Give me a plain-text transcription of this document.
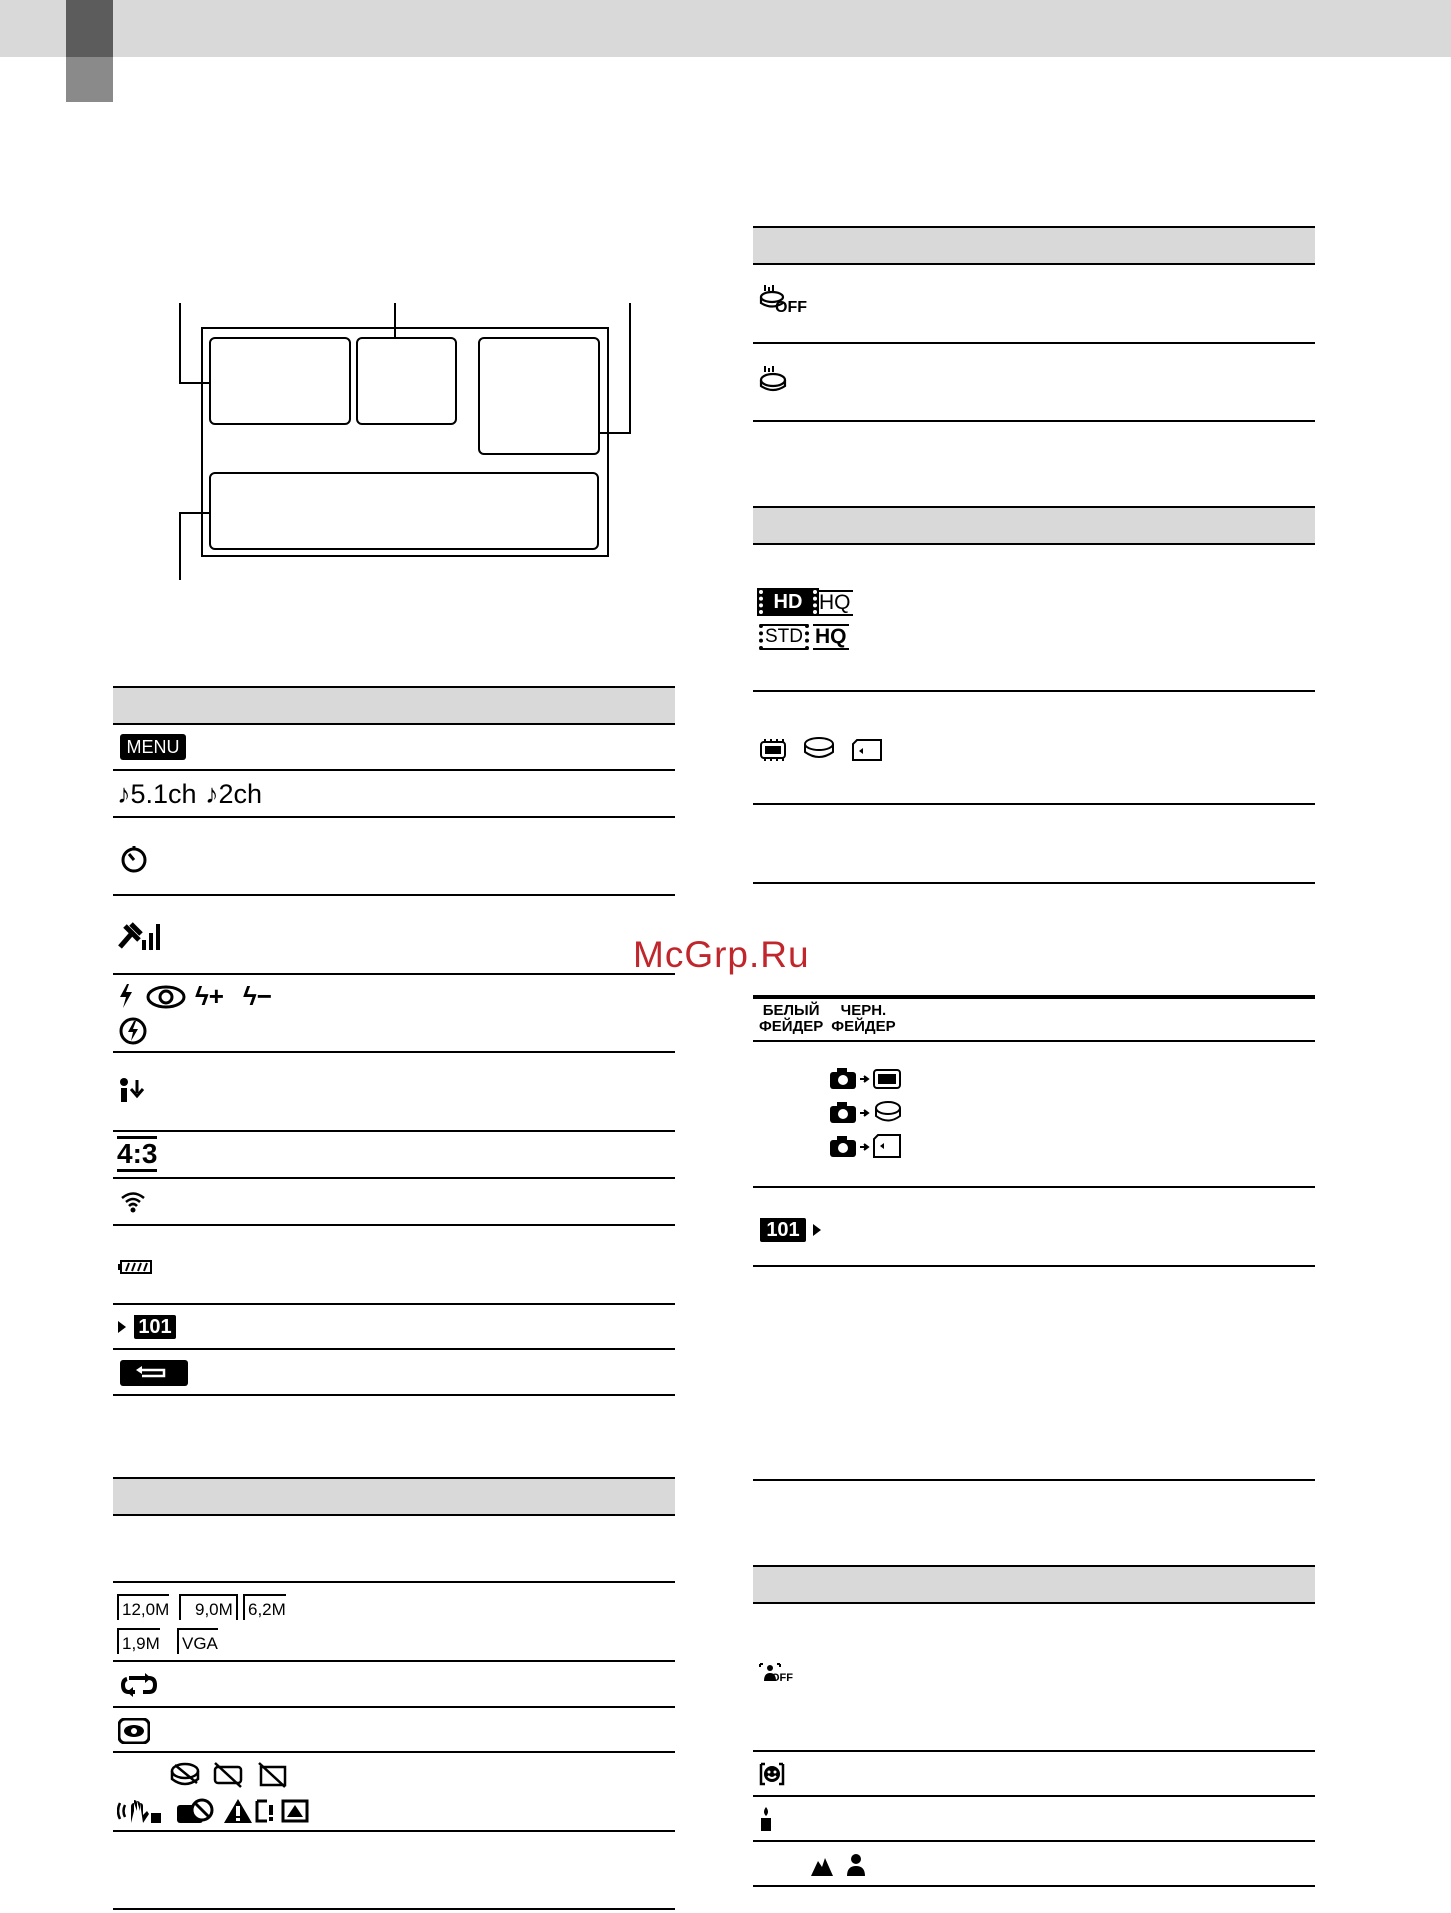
MENU
♪5.1ch ♪2ch
ϟ+ ϟ−
4:3
101
12,0M	9,0M 6,2M
1,9M VGA
OFF
HD HQ
STD HQ
БЕЛЫЙ
ФЕЙДЕР
ЧЕРН.
ФЕЙДЕР
101
OFF
McGrp.Ru
